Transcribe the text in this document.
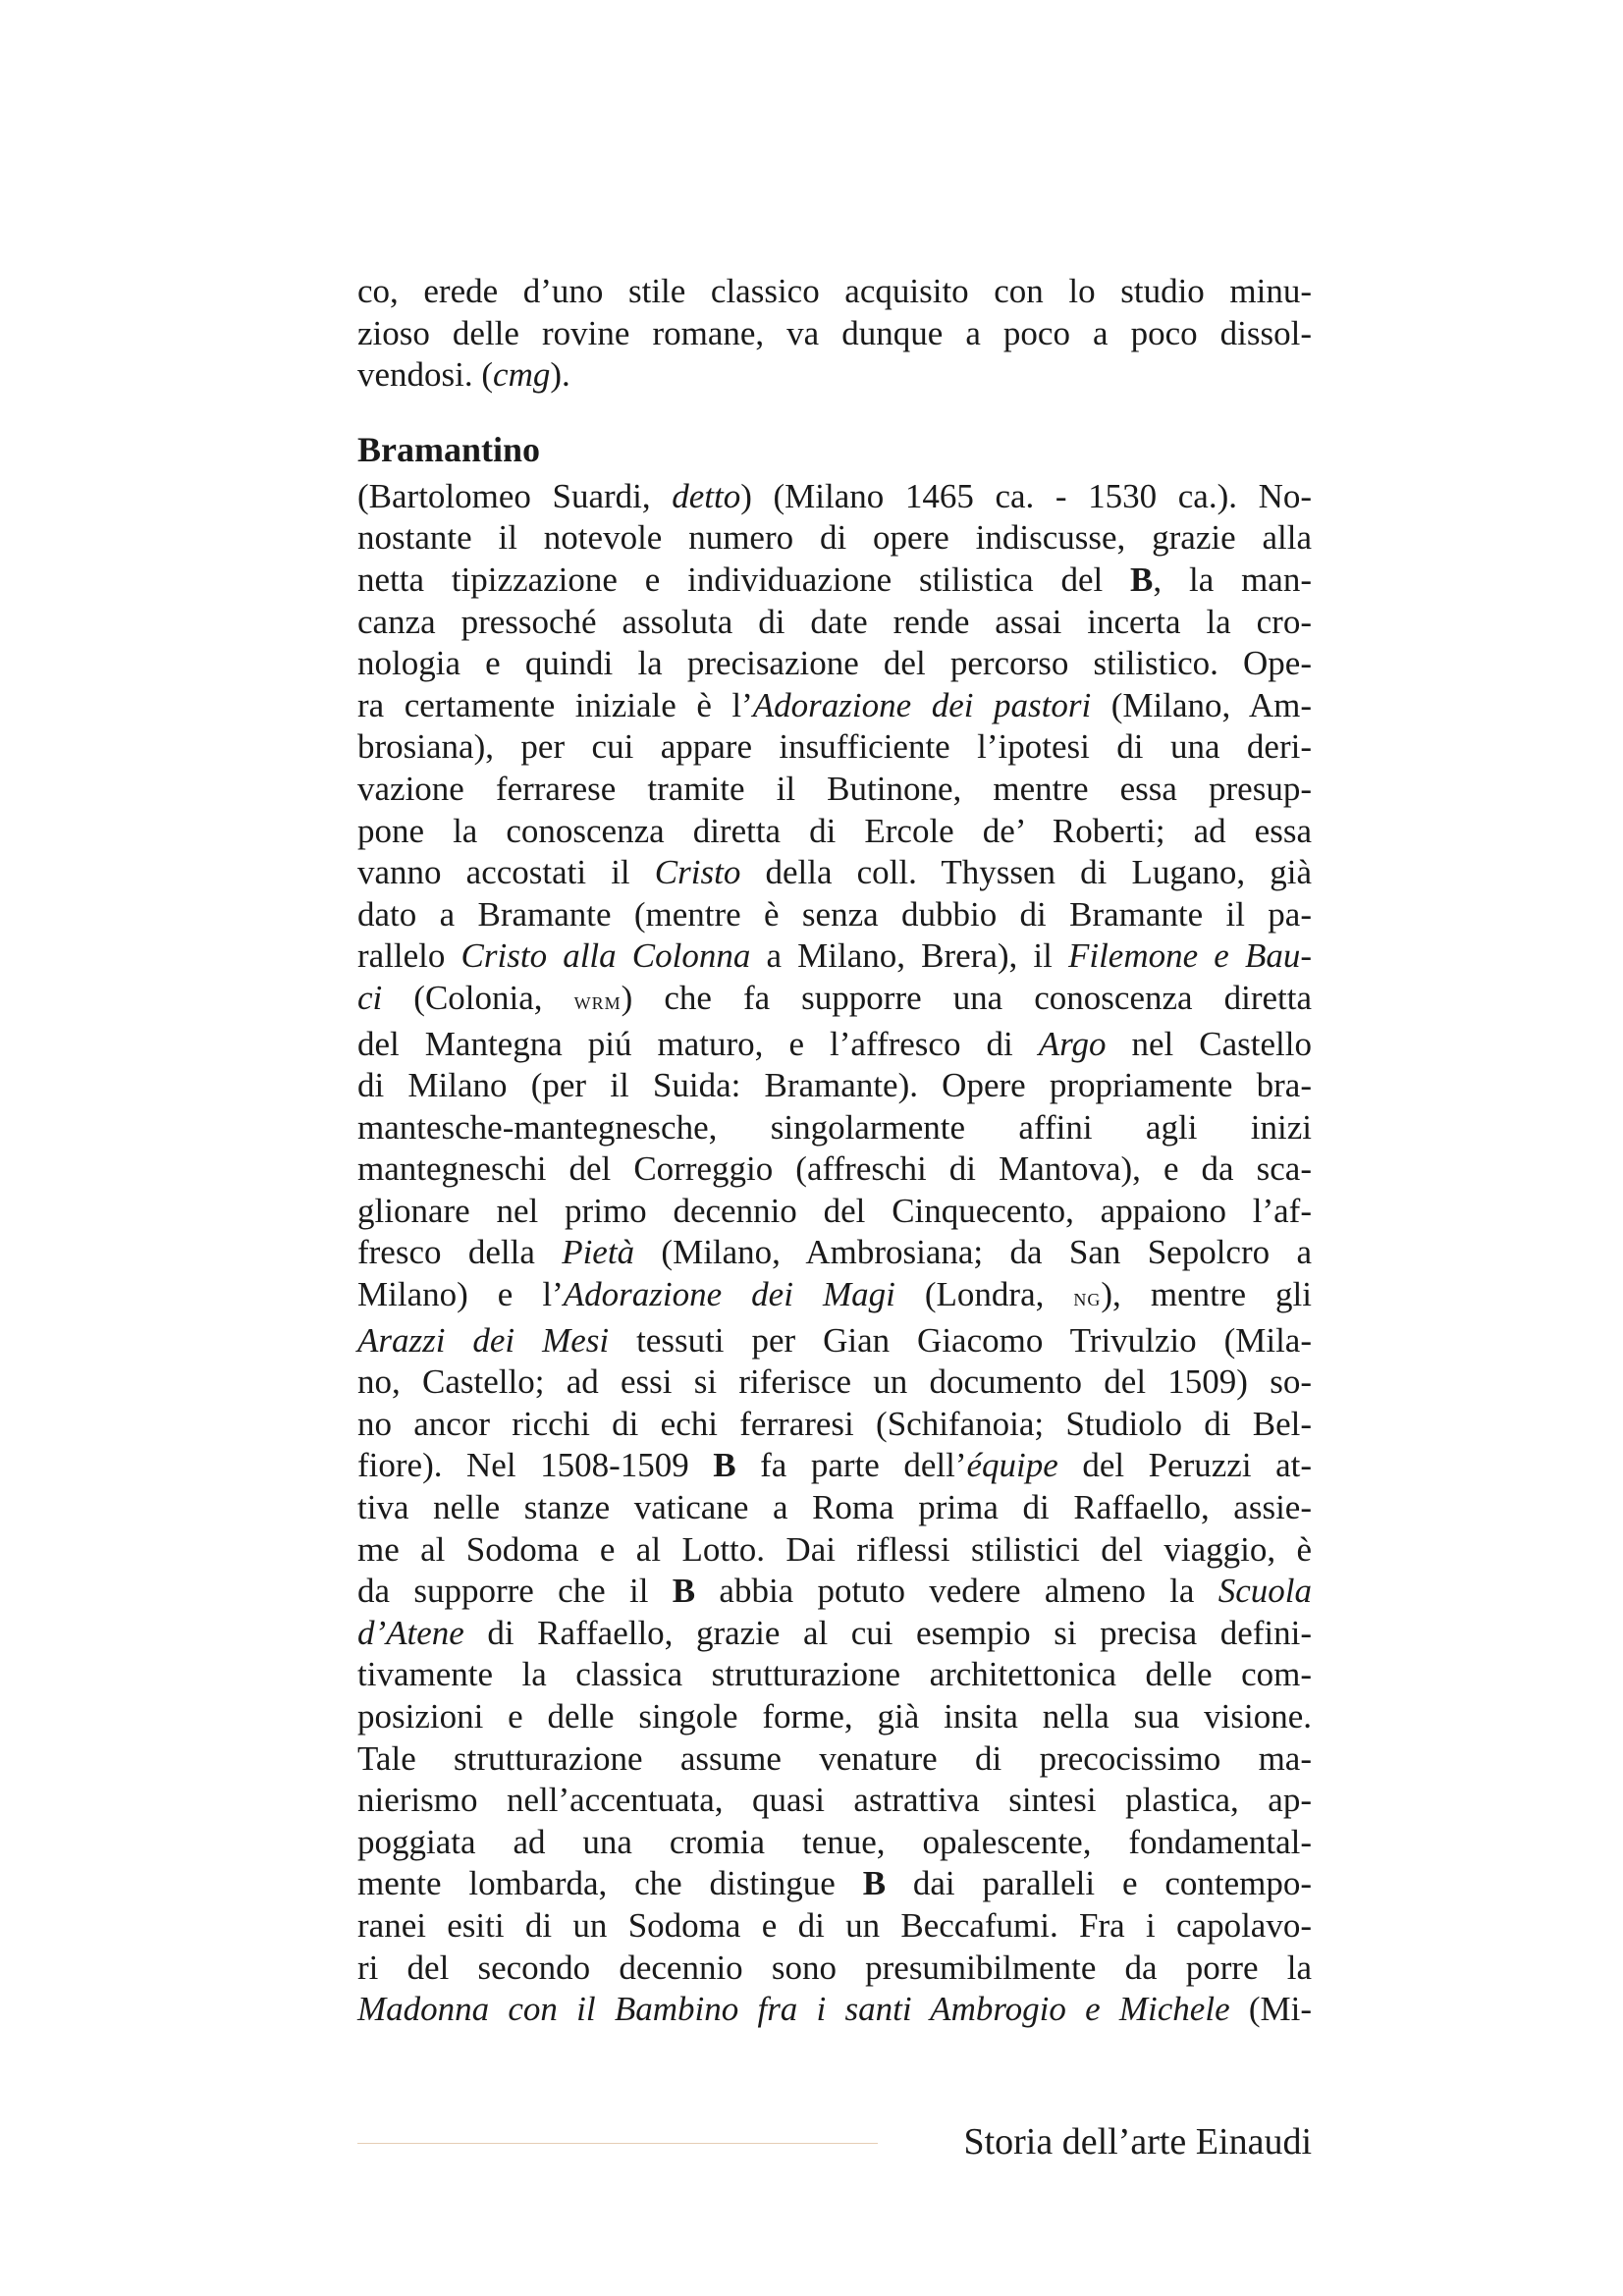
co, erede d’uno stile classico acquisito con lo studio minu-
zioso delle rovine romane, va dunque a poco a poco dissol-
vendosi. (cmg).

Bramantino

(Bartolomeo Suardi, detto) (Milano 1465 ca. - 1530 ca.). No-
nostante il notevole numero di opere indiscusse, grazie alla
netta tipizzazione e individuazione stilistica del B, la man-
canza pressoché assoluta di date rende assai incerta la cro-
nologia e quindi la precisazione del percorso stilistico. Ope-
ra certamente iniziale è l’Adorazione dei pastori (Milano, Am-
brosiana), per cui appare insufficiente l’ipotesi di una deri-
vazione ferrarese tramite il Butinone, mentre essa presup-
pone la conoscenza diretta di Ercole de’ Roberti; ad essa
vanno accostati il Cristo della coll. Thyssen di Lugano, già
dato a Bramante (mentre è senza dubbio di Bramante il pa-
rallelo Cristo alla Colonna a Milano, Brera), il Filemone e Bau-
ci (Colonia, wrm) che fa supporre una conoscenza diretta
del Mantegna piú maturo, e l’affresco di Argo nel Castello
di Milano (per il Suida: Bramante). Opere propriamente bra-
mantesche-mantegnesche, singolarmente affini agli inizi
mantegneschi del Correggio (affreschi di Mantova), e da sca-
glionare nel primo decennio del Cinquecento, appaiono l’af-
fresco della Pietà (Milano, Ambrosiana; da San Sepolcro a
Milano) e l’Adorazione dei Magi (Londra, ng), mentre gli
Arazzi dei Mesi tessuti per Gian Giacomo Trivulzio (Mila-
no, Castello; ad essi si riferisce un documento del 1509) so-
no ancor ricchi di echi ferraresi (Schifanoia; Studiolo di Bel-
fiore). Nel 1508-1509 B fa parte dell’équipe del Peruzzi at-
tiva nelle stanze vaticane a Roma prima di Raffaello, assie-
me al Sodoma e al Lotto. Dai riflessi stilistici del viaggio, è
da supporre che il B abbia potuto vedere almeno la Scuola
d’Atene di Raffaello, grazie al cui esempio si precisa defini-
tivamente la classica strutturazione architettonica delle com-
posizioni e delle singole forme, già insita nella sua visione.
Tale strutturazione assume venature di precocissimo ma-
nierismo nell’accentuata, quasi astrattiva sintesi plastica, ap-
poggiata ad una cromia tenue, opalescente, fondamental-
mente lombarda, che distingue B dai paralleli e contempo-
ranei esiti di un Sodoma e di un Beccafumi. Fra i capolavo-
ri del secondo decennio sono presumibilmente da porre la
Madonna con il Bambino fra i santi Ambrogio e Michele (Mi-

Storia dell’arte Einaudi
